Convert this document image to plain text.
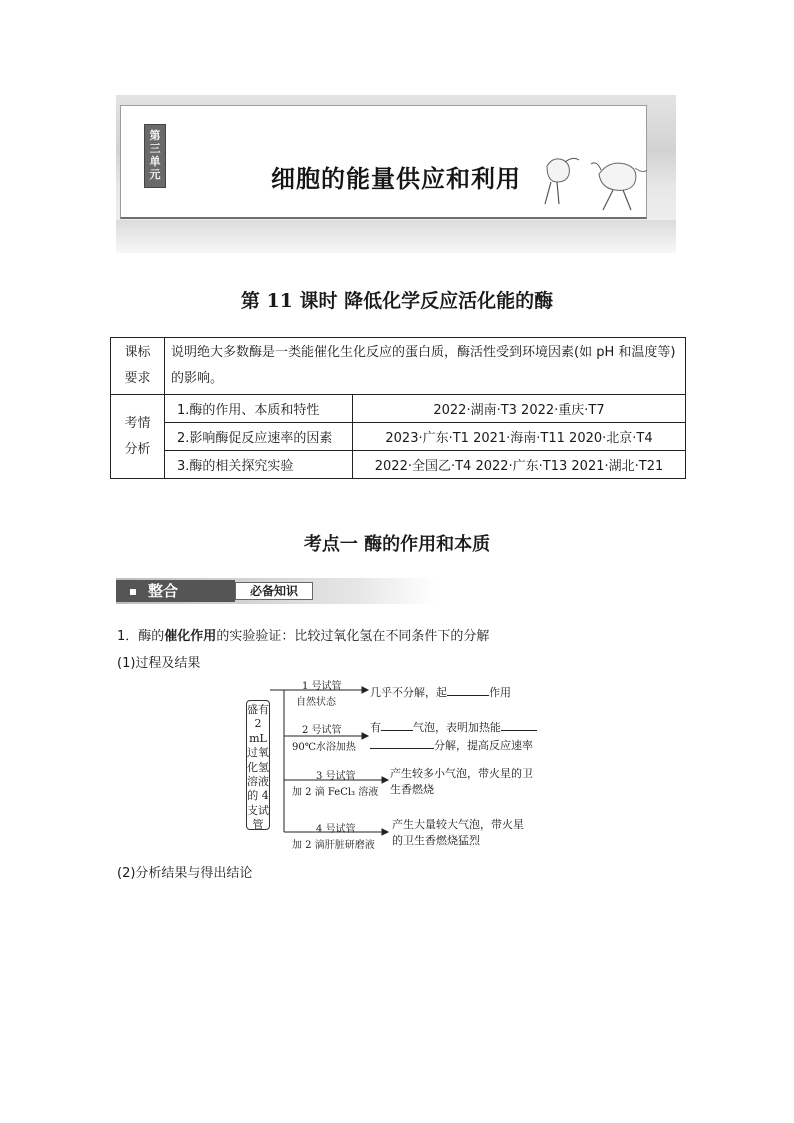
第三单元	细胞的能量供应和利用
第 11 课时 降低化学反应活化能的酶
课标要求	说明绝大多数酶是一类能催化生化反应的蛋白质，酶活性受到环境因素(如 pH 和温度等)的影响。	
考情分析	1.酶的作用、本质和特性	2022·湖南·T3 2022·重庆·T7
	2.影响酶促反应速率的因素	2023·广东·T1 2021·海南·T11 2020·北京·T4
	3.酶的相关探究实验	2022·全国乙·T4 2022·广东·T13 2021·湖北·T21
考点一 酶的作用和本质
整合	必备知识
1．酶的催化作用的实验验证：比较过氧化氢在不同条件下的分解
(1)过程及结果
盛有
2 mL
过氧
化氢
溶液
的 4
支试
管
1 号试管
自然状态
几乎不分解，起	作用
2 号试管
90℃水浴加热
有	气泡，表明加热能
分解，提高反应速率
3 号试管
加 2 滴 FeCl₃ 溶液
产生较多小气泡，带火星的卫
生香燃烧
4 号试管
加 2 滴肝脏研磨液
产生大量较大气泡，带火星
的卫生香燃烧猛烈
(2)分析结果与得出结论
